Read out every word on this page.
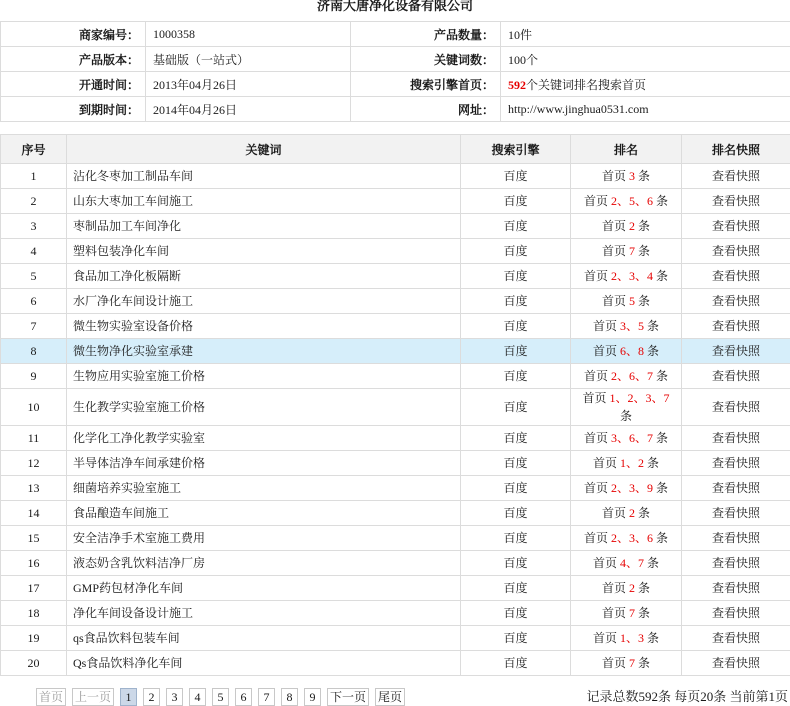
济南大唐净化设备有限公司
商家编号：	1000358	产品数量：	10件
产品版本：	基础版（一站式）	关键词数：	100个
开通时间：	2013年04月26日	搜索引擎首页：	592个关键词排名搜索首页
到期时间：	2014年04月26日	网址：	http://www.jinghua0531.com
序号	关键词	搜索引擎	排名	排名快照
1	沾化冬枣加工制品车间	百度	首页 3 条	查看快照
2	山东大枣加工车间施工	百度	首页 2、5、6 条	查看快照
3	枣制品加工车间净化	百度	首页 2 条	查看快照
4	塑料包装净化车间	百度	首页 7 条	查看快照
5	食品加工净化板隔断	百度	首页 2、3、4 条	查看快照
6	水厂净化车间设计施工	百度	首页 5 条	查看快照
7	微生物实验室设备价格	百度	首页 3、5 条	查看快照
8	微生物净化实验室承建	百度	首页 6、8 条	查看快照
9	生物应用实验室施工价格	百度	首页 2、6、7 条	查看快照
10	生化教学实验室施工价格	百度	首页 1、2、3、7 条	查看快照
11	化学化工净化教学实验室	百度	首页 3、6、7 条	查看快照
12	半导体洁净车间承建价格	百度	首页 1、2 条	查看快照
13	细菌培养实验室施工	百度	首页 2、3、9 条	查看快照
14	食品酿造车间施工	百度	首页 2 条	查看快照
15	安全洁净手术室施工费用	百度	首页 2、3、6 条	查看快照
16	液态奶含乳饮料洁净厂房	百度	首页 4、7 条	查看快照
17	GMP药包材净化车间	百度	首页 2 条	查看快照
18	净化车间设备设计施工	百度	首页 7 条	查看快照
19	qs食品饮料包装车间	百度	首页 1、3 条	查看快照
20	Qs食品饮料净化车间	百度	首页 7 条	查看快照
首页 上一页	1	2	3	4	5	6	7	8	9	下一页 尾页	记录总数592条 每页20条 当前第1页
